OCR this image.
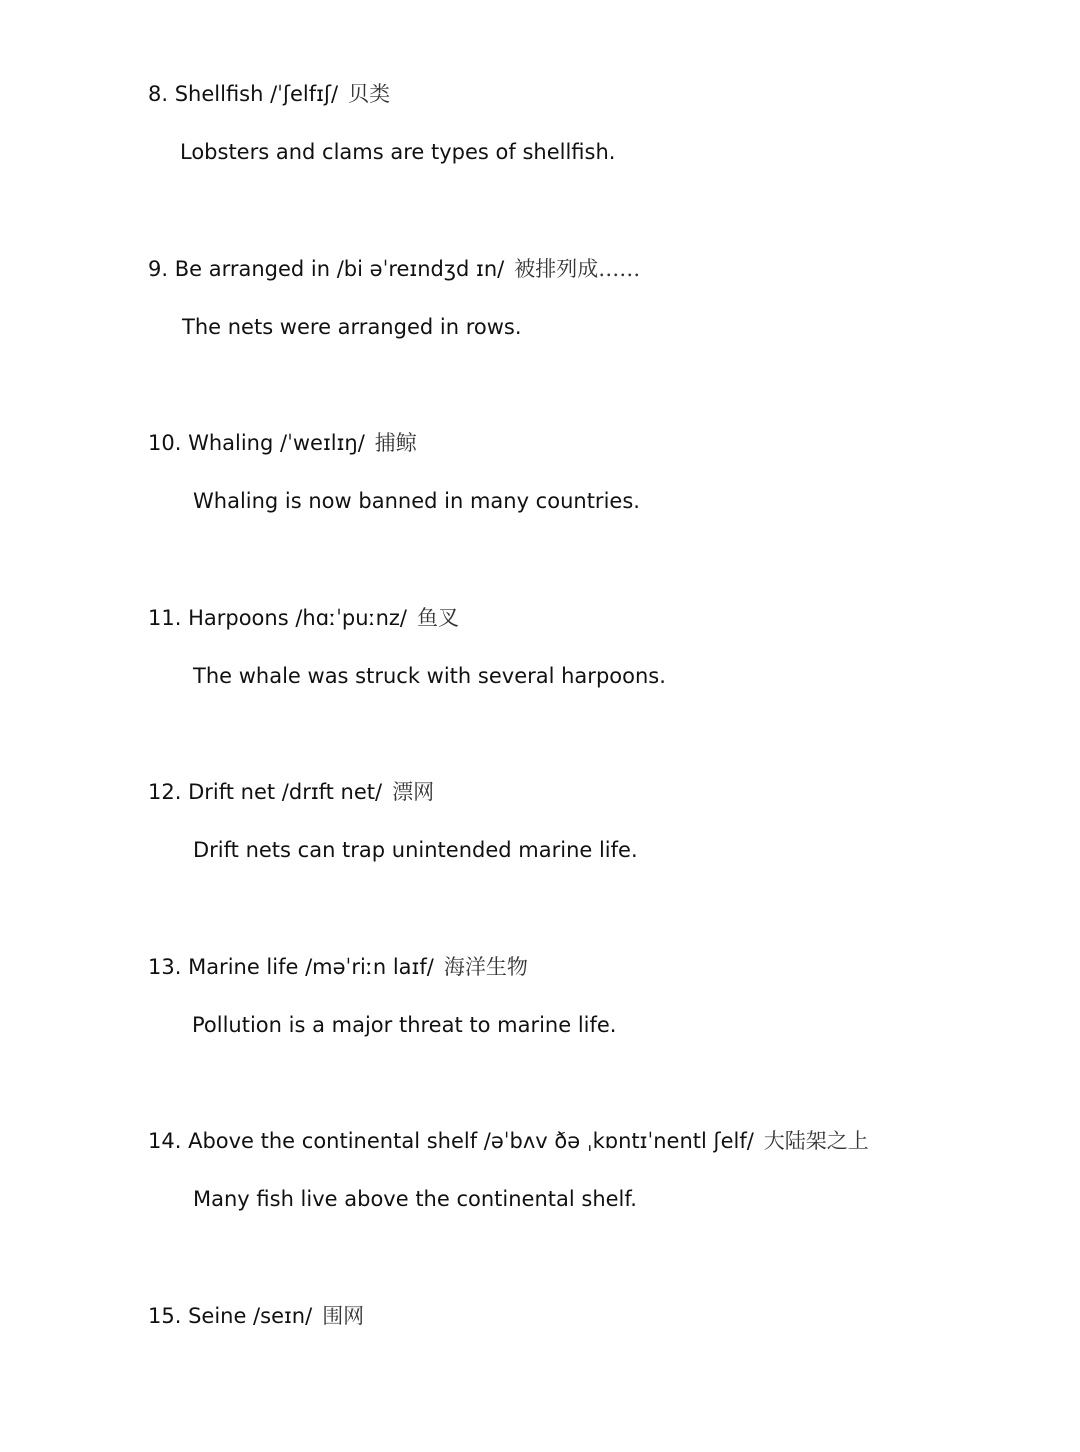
8. Shellfish /ˈʃelfɪʃ/ 贝类
Lobsters and clams are types of shellfish.
9. Be arranged in /bi əˈreɪndʒd ɪn/ 被排列成……
The nets were arranged in rows.
10. Whaling /ˈweɪlɪŋ/ 捕鲸
Whaling is now banned in many countries.
11. Harpoons /hɑːˈpuːnz/ 鱼叉
The whale was struck with several harpoons.
12. Drift net /drɪft net/ 漂网
Drift nets can trap unintended marine life.
13. Marine life /məˈriːn laɪf/ 海洋生物
Pollution is a major threat to marine life.
14. Above the continental shelf /əˈbʌv ðə ˌkɒntɪˈnentl ʃelf/ 大陆架之上
Many fish live above the continental shelf.
15. Seine /seɪn/ 围网
